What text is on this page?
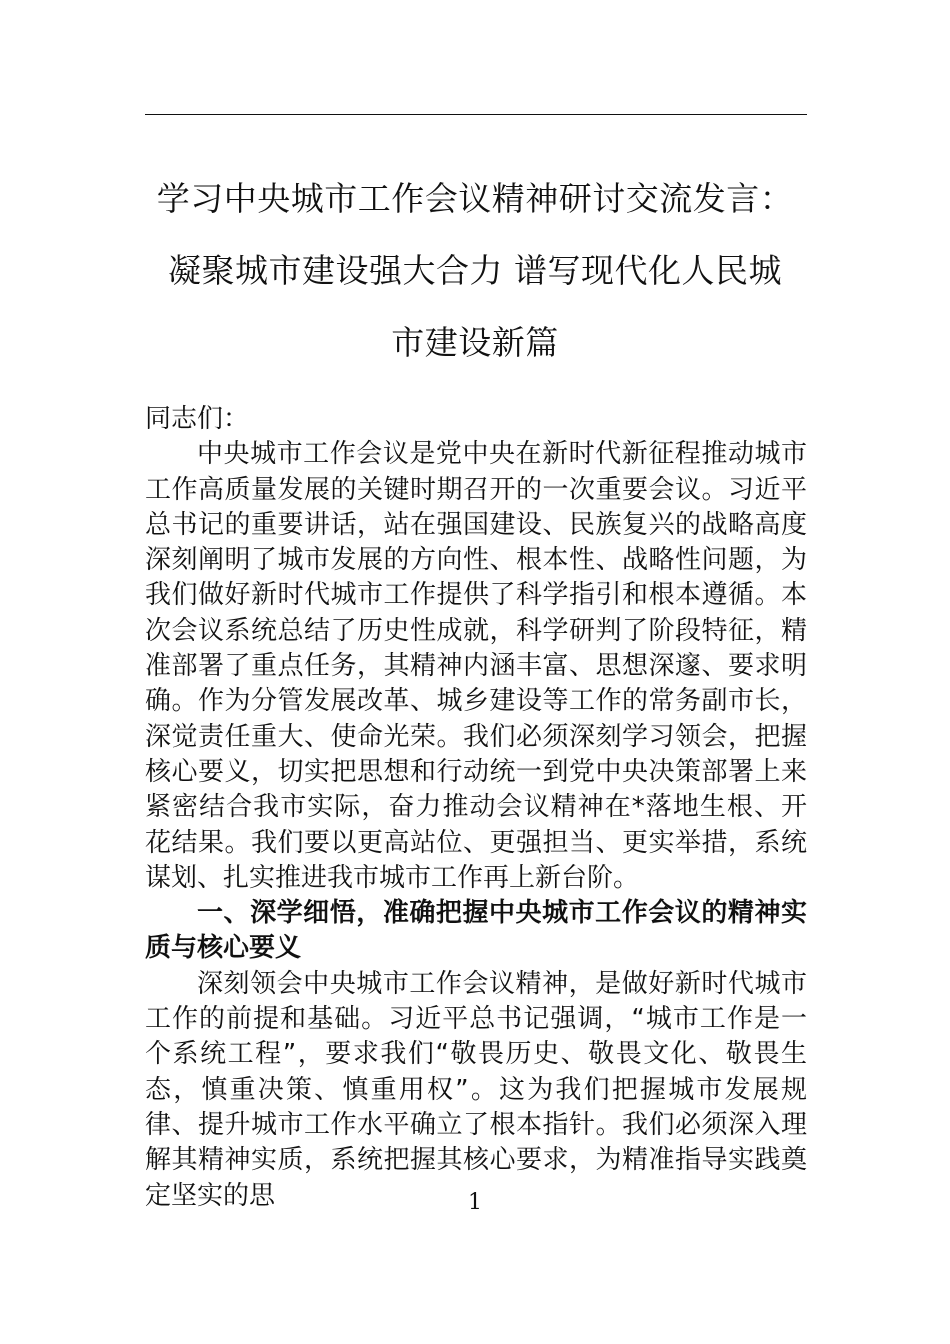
学习中央城市工作会议精神研讨交流发言：
凝聚城市建设强大合力 谱写现代化人民城
市建设新篇

同志们：

中央城市工作会议是党中央在新时代新征程推动城市工作高质量发展的关键时期召开的一次重要会议。习近平总书记的重要讲话，站在强国建设、民族复兴的战略高度深刻阐明了城市发展的方向性、根本性、战略性问题，为我们做好新时代城市工作提供了科学指引和根本遵循。本次会议系统总结了历史性成就，科学研判了阶段特征，精准部署了重点任务，其精神内涵丰富、思想深邃、要求明确。作为分管发展改革、城乡建设等工作的常务副市长，深觉责任重大、使命光荣。我们必须深刻学习领会，把握核心要义，切实把思想和行动统一到党中央决策部署上来紧密结合我市实际，奋力推动会议精神在*落地生根、开花结果。我们要以更高站位、更强担当、更实举措，系统谋划、扎实推进我市城市工作再上新台阶。

一、深学细悟，准确把握中央城市工作会议的精神实质与核心要义

深刻领会中央城市工作会议精神，是做好新时代城市工作的前提和基础。习近平总书记强调，“城市工作是一个系统工程”，要求我们“敬畏历史、敬畏文化、敬畏生态，慎重决策、慎重用权”。这为我们把握城市发展规律、提升城市工作水平确立了根本指针。我们必须深入理解其精神实质，系统把握其核心要求，为精准指导实践奠定坚实的思	1
